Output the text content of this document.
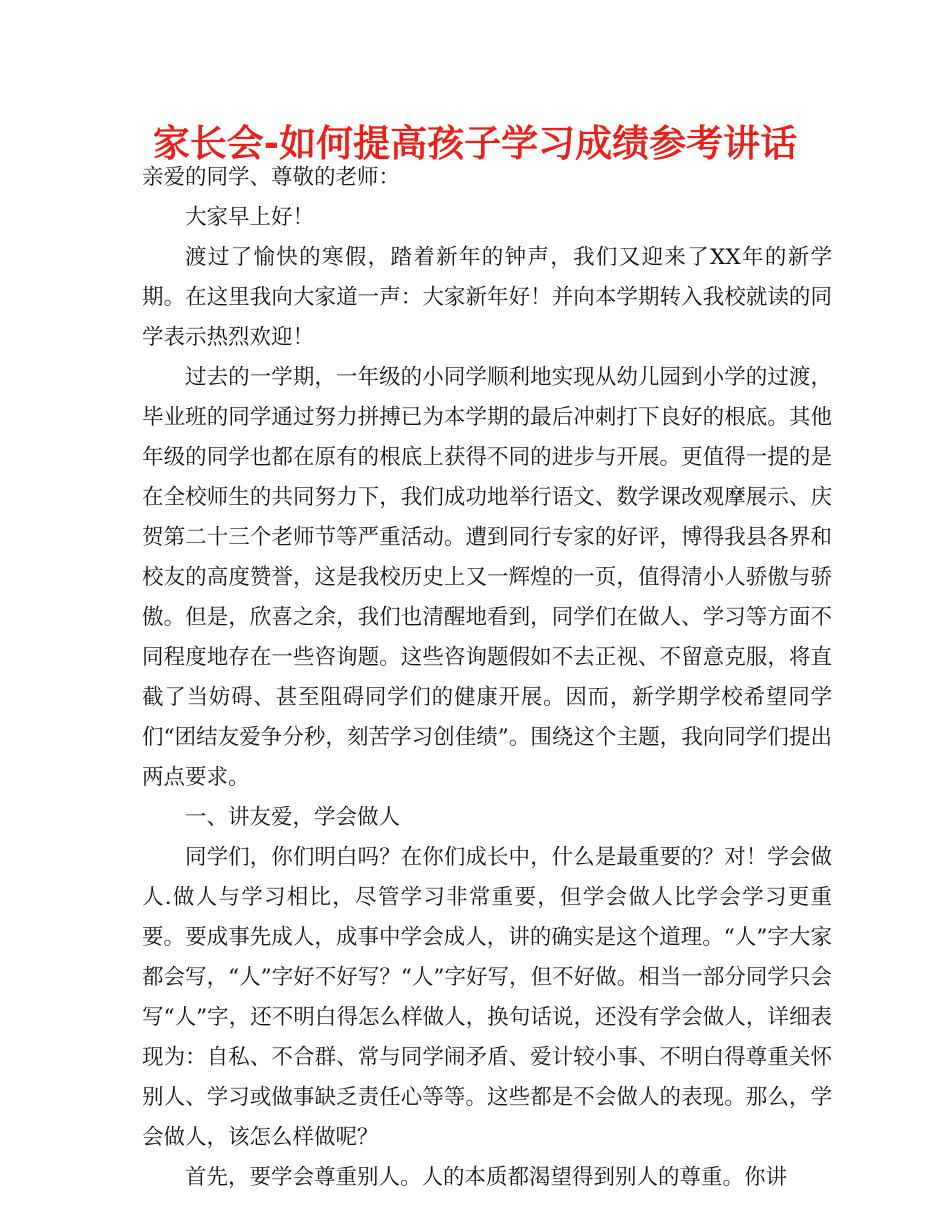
家长会-如何提高孩子学习成绩参考讲话

亲爱的同学、尊敬的老师：

大家早上好！

渡过了愉快的寒假，踏着新年的钟声，我们又迎来了XX年的新学期。在这里我向大家道一声：大家新年好！并向本学期转入我校就读的同学表示热烈欢迎！

过去的一学期，一年级的小同学顺利地实现从幼儿园到小学的过渡，毕业班的同学通过努力拼搏已为本学期的最后冲刺打下良好的根底。其他年级的同学也都在原有的根底上获得不同的进步与开展。更值得一提的是在全校师生的共同努力下，我们成功地举行语文、数学课改观摩展示、庆贺第二十三个老师节等严重活动。遭到同行专家的好评，博得我县各界和校友的高度赞誉，这是我校历史上又一辉煌的一页，值得清小人骄傲与骄傲。但是，欣喜之余，我们也清醒地看到，同学们在做人、学习等方面不同程度地存在一些咨询题。这些咨询题假如不去正视、不留意克服，将直截了当妨碍、甚至阻碍同学们的健康开展。因而，新学期学校希望同学们“团结友爱争分秒，刻苦学习创佳绩”。围绕这个主题，我向同学们提出两点要求。

一、讲友爱，学会做人

同学们，你们明白吗？在你们成长中，什么是最重要的？对！学会做人.做人与学习相比，尽管学习非常重要，但学会做人比学会学习更重要。要成事先成人，成事中学会成人，讲的确实是这个道理。“人”字大家都会写，“人”字好不好写？“人”字好写，但不好做。相当一部分同学只会写“人”字，还不明白得怎么样做人，换句话说，还没有学会做人，详细表现为：自私、不合群、常与同学闹矛盾、爱计较小事、不明白得尊重关怀别人、学习或做事缺乏责任心等等。这些都是不会做人的表现。那么，学会做人，该怎么样做呢？

首先，要学会尊重别人。人的本质都渴望得到别人的尊重。你讲
